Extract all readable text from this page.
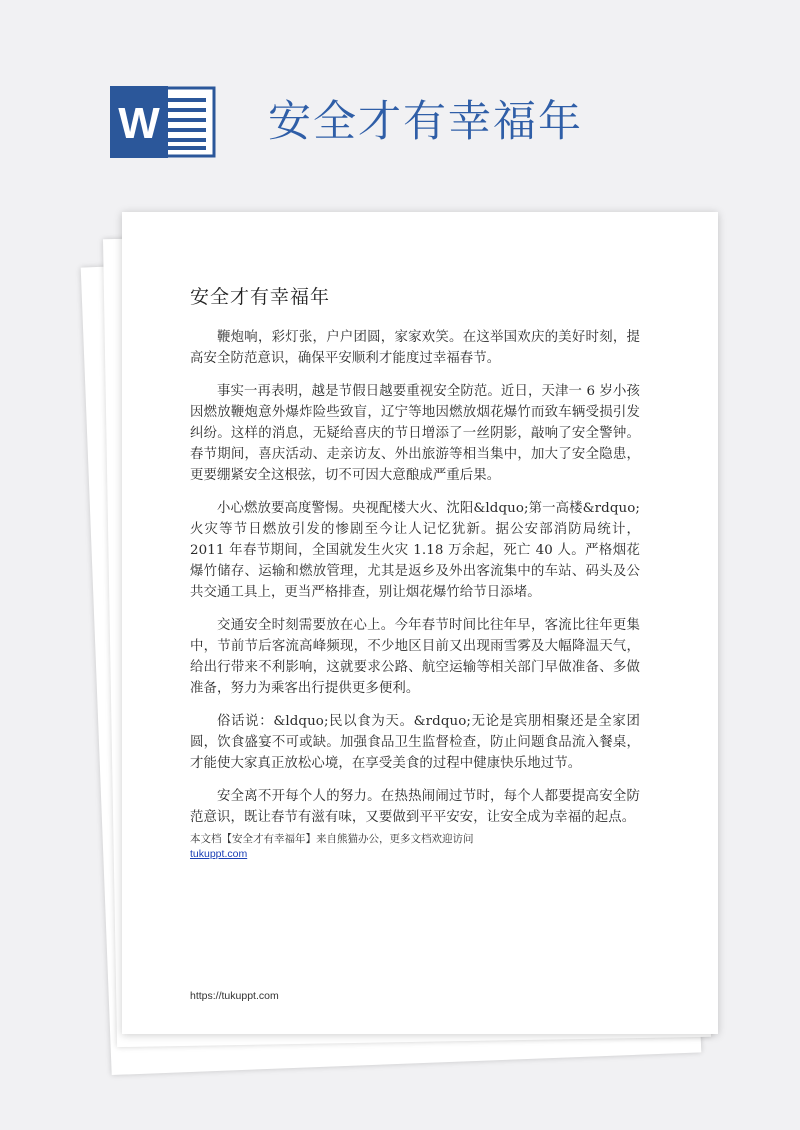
W	安全才有幸福年
安全才有幸福年

鞭炮响，彩灯张，户户团圆，家家欢笑。在这举国欢庆的美好时刻，提高安全防范意识，确保平安顺利才能度过幸福春节。

事实一再表明，越是节假日越要重视安全防范。近日，天津一 6 岁小孩因燃放鞭炮意外爆炸险些致盲，辽宁等地因燃放烟花爆竹而致车辆受损引发纠纷。这样的消息，无疑给喜庆的节日增添了一丝阴影，敲响了安全警钟。春节期间，喜庆活动、走亲访友、外出旅游等相当集中，加大了安全隐患，更要绷紧安全这根弦，切不可因大意酿成严重后果。

小心燃放要高度警惕。央视配楼大火、沈阳&ldquo;第一高楼&rdquo;火灾等节日燃放引发的惨剧至今让人记忆犹新。据公安部消防局统计，2011 年春节期间，全国就发生火灾 1.18 万余起，死亡 40 人。严格烟花爆竹储存、运输和燃放管理，尤其是返乡及外出客流集中的车站、码头及公共交通工具上，更当严格排查，别让烟花爆竹给节日添堵。

交通安全时刻需要放在心上。今年春节时间比往年早，客流比往年更集中，节前节后客流高峰频现，不少地区目前又出现雨雪雾及大幅降温天气，给出行带来不利影响，这就要求公路、航空运输等相关部门早做准备、多做准备，努力为乘客出行提供更多便利。

俗话说：&ldquo;民以食为天。&rdquo;无论是宾朋相聚还是全家团圆，饮食盛宴不可或缺。加强食品卫生监督检查，防止问题食品流入餐桌，才能使大家真正放松心境，在享受美食的过程中健康快乐地过节。

安全离不开每个人的努力。在热热闹闹过节时，每个人都要提高安全防范意识，既让春节有滋有味，又要做到平平安安，让安全成为幸福的起点。

本文档【安全才有幸福年】来自熊猫办公，更多文档欢迎访问
tukuppt.com
https://tukuppt.com
